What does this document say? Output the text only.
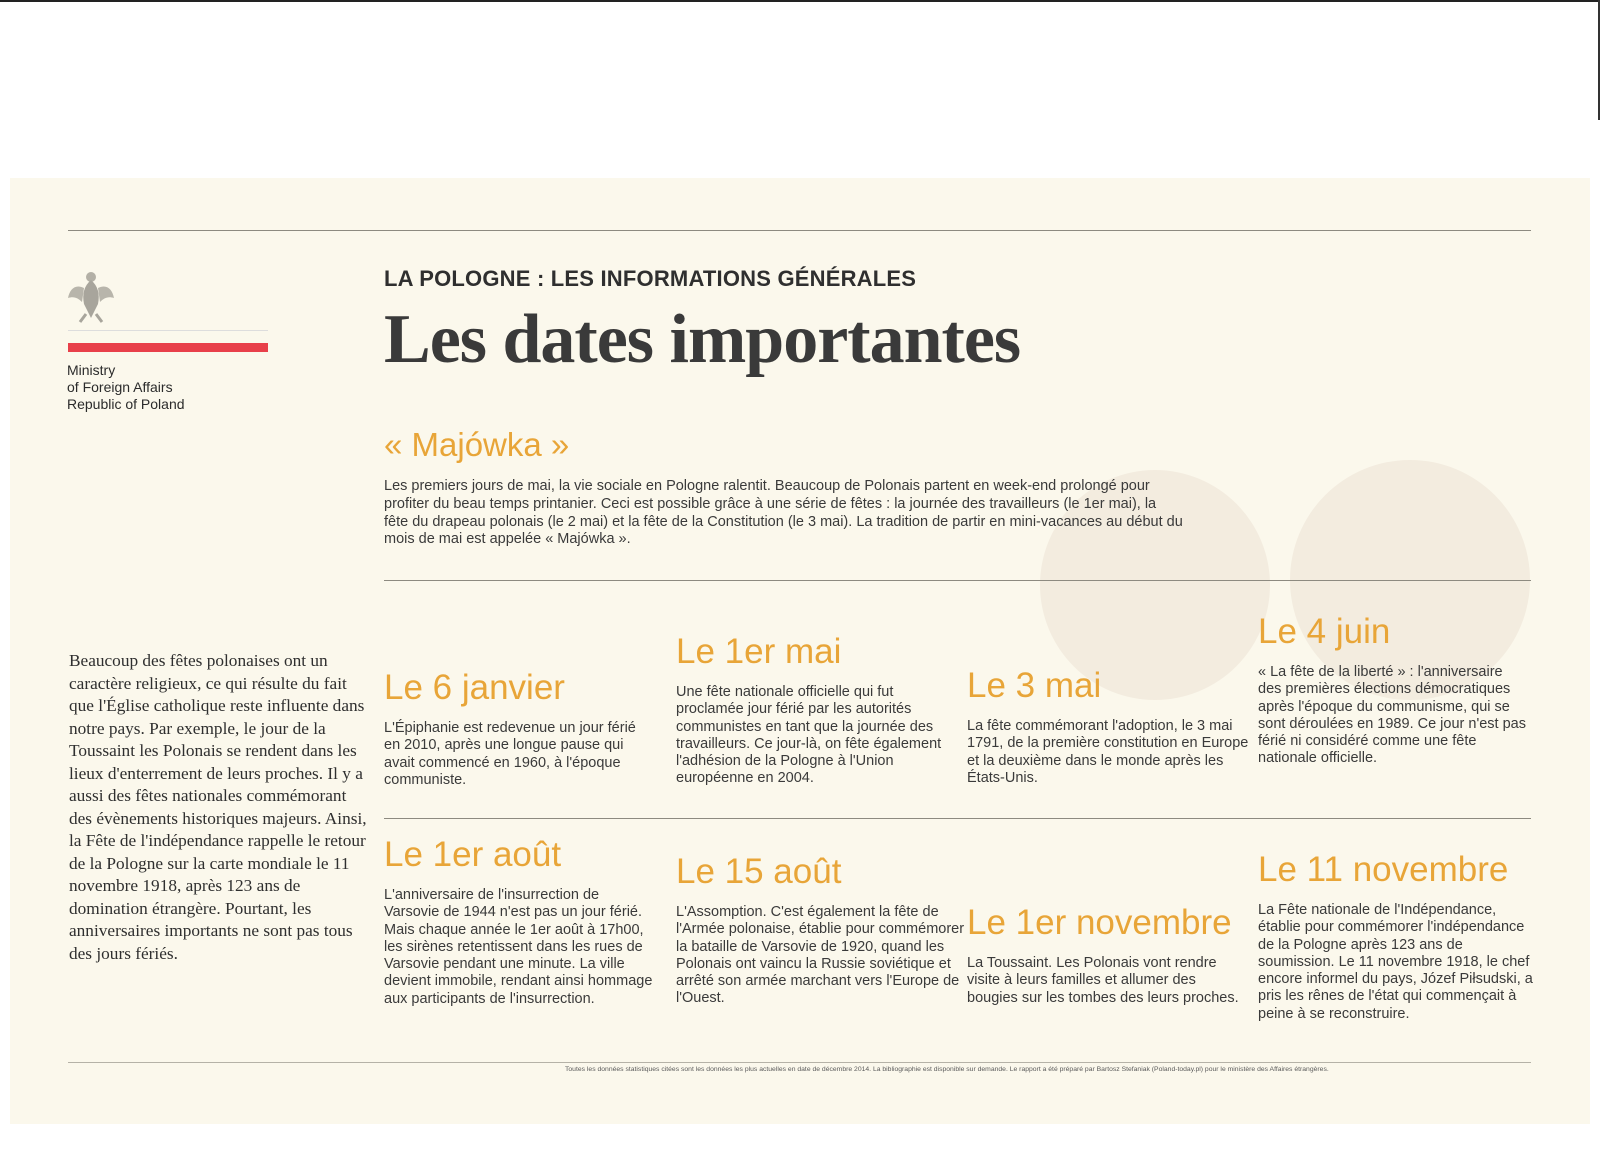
Ministry
of Foreign Affairs
Republic of Poland
Beaucoup des fêtes polonaises ont un caractère religieux, ce qui résulte du fait que l'Église catholique reste influente dans notre pays. Par exemple, le jour de la Toussaint les Polonais se rendent dans les lieux d'enterrement de leurs proches. Il y a aussi des fêtes nationales commémorant des évènements historiques majeurs. Ainsi, la Fête de l'indépendance rappelle le retour de la Pologne sur la carte mondiale le 11 novembre 1918, après 123 ans de domination étrangère. Pourtant, les anniversaires importants ne sont pas tous des jours fériés.
LA POLOGNE : LES INFORMATIONS GÉNÉRALES
Les dates importantes
« Majówka »

Les premiers jours de mai, la vie sociale en Pologne ralentit. Beaucoup de Polonais partent en week-end prolongé pour profiter du beau temps printanier. Ceci est possible grâce à une série de fêtes : la journée des travailleurs (le 1er mai), la fête du drapeau polonais (le 2 mai) et la fête de la Constitution (le 3 mai). La tradition de partir en mini-vacances au début du mois de mai est appelée « Majówka ».

Le 6 janvier

L'Épiphanie est redevenue un jour férié en 2010, après une longue pause qui avait commencé en 1960, à l'époque communiste.

Le 1er mai

Une fête nationale officielle qui fut proclamée jour férié par les autorités communistes en tant que la journée des travailleurs. Ce jour-là, on fête également l'adhésion de la Pologne à l'Union européenne en 2004.

Le 3 mai

La fête commémorant l'adoption, le 3 mai 1791, de la première constitution en Europe et la deuxième dans le monde après les États-Unis.

Le 4 juin

« La fête de la liberté » : l'anniversaire des premières élections démocratiques après l'époque du communisme, qui se sont déroulées en 1989. Ce jour n'est pas férié ni considéré comme une fête nationale officielle.

Le 1er août

L'anniversaire de l'insurrection de Varsovie de 1944 n'est pas un jour férié. Mais chaque année le 1er août à 17h00, les sirènes retentissent dans les rues de Varsovie pendant une minute. La ville devient immobile, rendant ainsi hommage aux participants de l'insurrection.

Le 15 août

L'Assomption. C'est également la fête de l'Armée polonaise, établie pour commémorer la bataille de Varsovie de 1920, quand les Polonais ont vaincu la Russie soviétique et arrêté son armée marchant vers l'Europe de l'Ouest.

Le 1er novembre

La Toussaint. Les Polonais vont rendre visite à leurs familles et allumer des bougies sur les tombes des leurs proches.

Le 11 novembre

La Fête nationale de l'Indépendance, établie pour commémorer l'indépendance de la Pologne après 123 ans de soumission. Le 11 novembre 1918, le chef encore informel du pays, Józef Piłsudski, a pris les rênes de l'état qui commençait à peine à se reconstruire.

Toutes les données statistiques citées sont les données les plus actuelles en date de décembre 2014. La bibliographie est disponible sur demande. Le rapport a été préparé par Bartosz Stefaniak (Poland-today.pl) pour le ministère des Affaires étrangères.
